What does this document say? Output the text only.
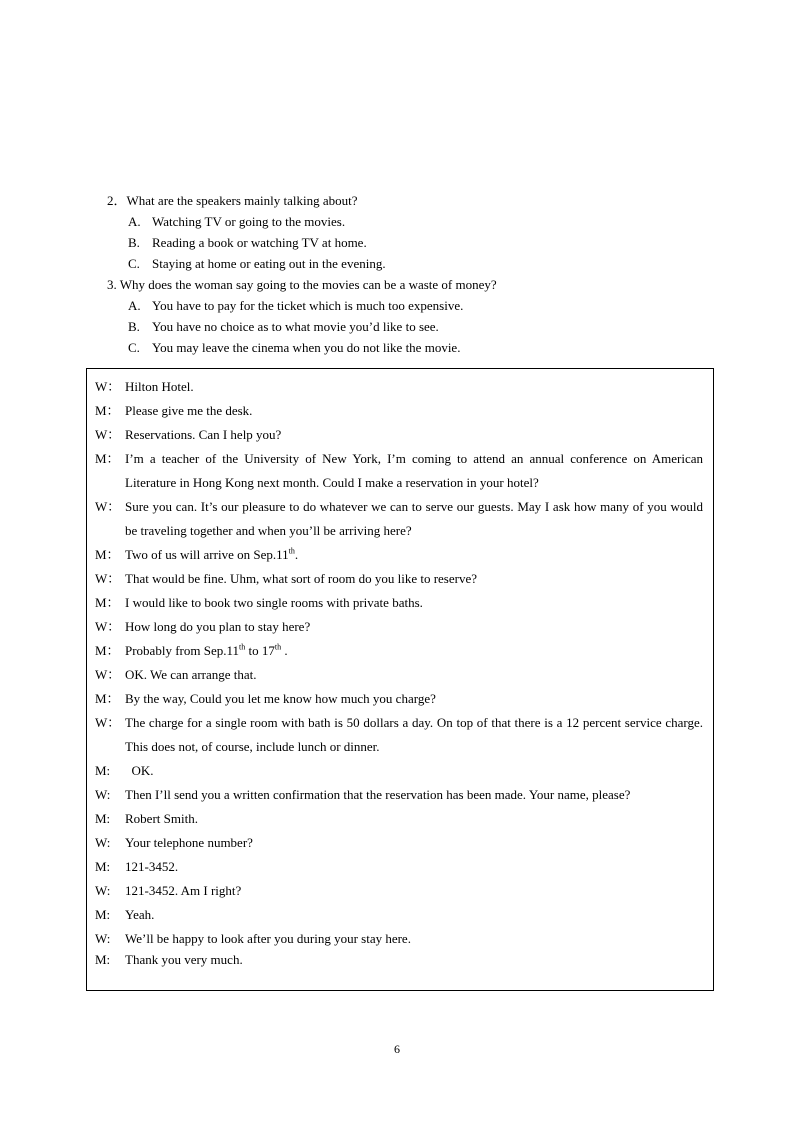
2．What are the speakers mainly talking about?
A. Watching TV or going to the movies.
B. Reading a book or watching TV at home.
C. Staying at home or eating out in the evening.
3. Why does the woman say going to the movies can be a waste of money?
A. You have to pay for the ticket which is much too expensive.
B. You have no choice as to what movie you’d like to see.
C. You may leave the cinema when you do not like the movie.
W： Hilton Hotel.
M： Please give me the desk.
W： Reservations. Can I help you?
M： I’m a teacher of the University of New York, I’m coming to attend an annual conference on American Literature in Hong Kong next month. Could I make a reservation in your hotel?
W： Sure you can. It’s our pleasure to do whatever we can to serve our guests. May I ask how many of you would be traveling together and when you’ll be arriving here?
M： Two of us will arrive on Sep.11th.
W： That would be fine. Uhm, what sort of room do you like to reserve?
M： I would like to book two single rooms with private baths.
W： How long do you plan to stay here?
M： Probably from Sep.11th to 17th .
W： OK. We can arrange that.
M： By the way, Could you let me know how much you charge?
W： The charge for a single room with bath is 50 dollars a day. On top of that there is a 12 percent service charge. This does not, of course, include lunch or dinner.
M:	OK.
W:	Then I’ll send you a written confirmation that the reservation has been made. Your name, please?
M:	Robert Smith.
W:	Your telephone number?
M:	121-3452.
W:	121-3452. Am I right?
M:	Yeah.
W:	We’ll be happy to look after you during your stay here.
M:	Thank you very much.
6
